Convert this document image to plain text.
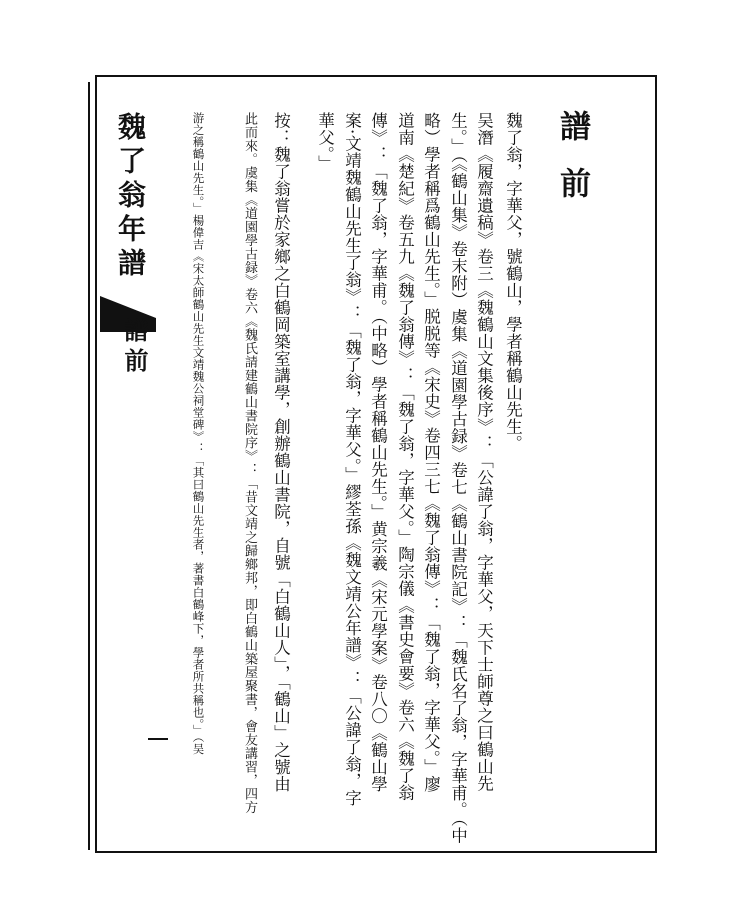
魏了翁年譜
譜前
譜前
魏了翁，字華父，號鶴山，學者稱鶴山先生。
吴潛《履齋遺稿》卷三《魏鶴山文集後序》：「公諱了翁，字華父，天下士師尊之曰鶴山先
生。」（《鶴山集》卷末附）虞集《道園學古録》卷七《鶴山書院記》：「魏氏名了翁，字華甫。（中
略）學者稱爲鶴山先生。」脱脱等《宋史》卷四三七《魏了翁傳》：「魏了翁，字華父。」廖
道南《楚紀》卷五九《魏了翁傳》：「魏了翁，字華父。」陶宗儀《書史會要》卷六《魏了翁
傳》：「魏了翁，字華甫。（中略）學者稱鶴山先生。」黄宗羲《宋元學案》卷八〇《鶴山學
案·文靖魏鶴山先生了翁》：「魏了翁，字華父。」繆荃孫《魏文靖公年譜》：「公諱了翁，字
華父。」
按：魏了翁嘗於家鄉之白鶴岡築室講學，創辦鶴山書院，自號「白鶴山人」，「鶴山」之號由
此而來。虞集《道園學古録》卷六《魏氏請建鶴山書院序》：「昔文靖之歸鄉邦，即白鶴山築屋聚書，會友講習，四方
游之稱鶴山先生。」楊偉吉《宋太師鶴山先生文靖魏公祠堂碑》：「其曰鶴山先生者，著書白鶴峰下，學者所共稱也。」（吴
